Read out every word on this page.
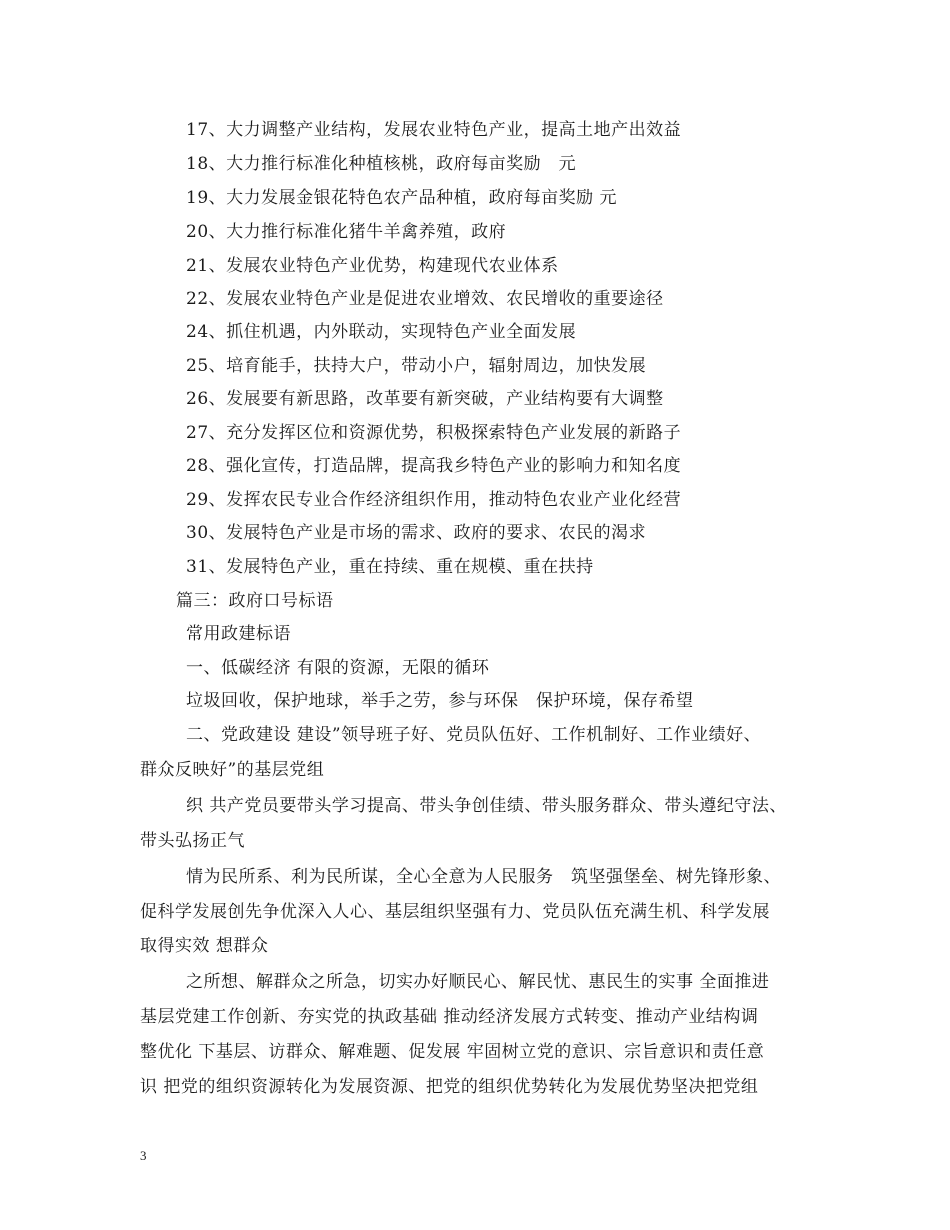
17、大力调整产业结构，发展农业特色产业，提高土地产出效益
18、大力推行标准化种植核桃，政府每亩奖励　元
19、大力发展金银花特色农产品种植，政府每亩奖励 元
20、大力推行标准化猪牛羊禽养殖，政府
21、发展农业特色产业优势，构建现代农业体系
22、发展农业特色产业是促进农业增效、农民增收的重要途径
24、抓住机遇，内外联动，实现特色产业全面发展
25、培育能手，扶持大户，带动小户，辐射周边，加快发展
26、发展要有新思路，改革要有新突破，产业结构要有大调整
27、充分发挥区位和资源优势，积极探索特色产业发展的新路子
28、强化宣传，打造品牌，提高我乡特色产业的影响力和知名度
29、发挥农民专业合作经济组织作用，推动特色农业产业化经营
30、发展特色产业是市场的需求、政府的要求、农民的渴求
31、发展特色产业，重在持续、重在规模、重在扶持
篇三：政府口号标语
常用政建标语
一、低碳经济 有限的资源，无限的循环
垃圾回收，保护地球，举手之劳，参与环保　保护环境，保存希望
二、党政建设 建设”领导班子好、党员队伍好、工作机制好、工作业绩好、
群众反映好”的基层党组
织 共产党员要带头学习提高、带头争创佳绩、带头服务群众、带头遵纪守法、
带头弘扬正气
情为民所系、利为民所谋，全心全意为人民服务　筑坚强堡垒、树先锋形象、
促科学发展创先争优深入人心、基层组织坚强有力、党员队伍充满生机、科学发展
取得实效 想群众
之所想、解群众之所急，切实办好顺民心、解民忧、惠民生的实事 全面推进
基层党建工作创新、夯实党的执政基础 推动经济发展方式转变、推动产业结构调
整优化 下基层、访群众、解难题、促发展 牢固树立党的意识、宗旨意识和责任意
识 把党的组织资源转化为发展资源、把党的组织优势转化为发展优势坚决把党组
3
